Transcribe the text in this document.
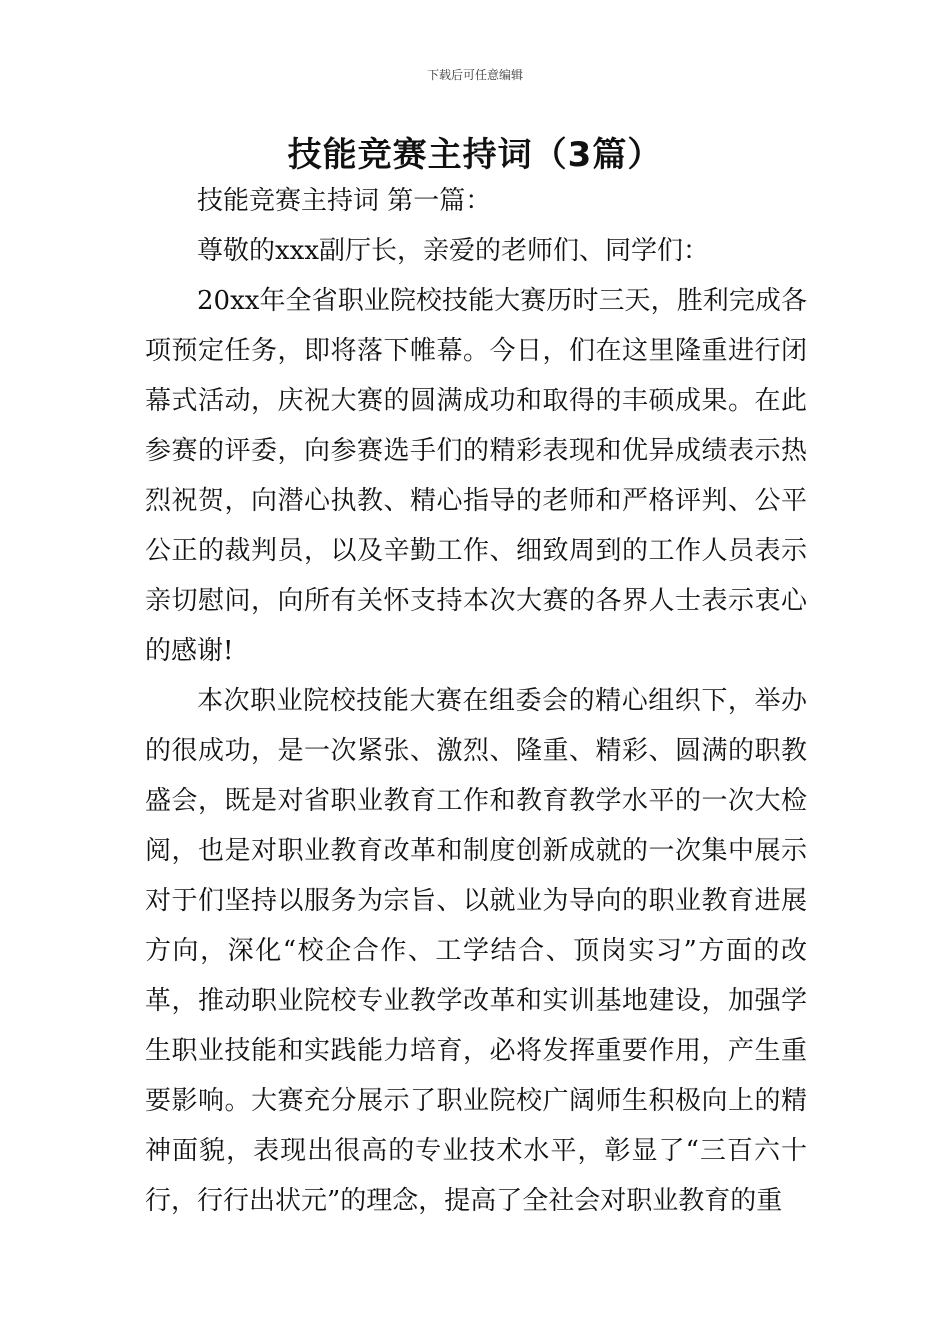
下载后可任意编辑
技能竞赛主持词（3篇）

技能竞赛主持词 第一篇：

尊敬的xxx副厅长，亲爱的老师们、同学们：

20xx年全省职业院校技能大赛历时三天，胜利完成各项预定任务，即将落下帷幕。今日，们在这里隆重进行闭幕式活动，庆祝大赛的圆满成功和取得的丰硕成果。在此参赛的评委，向参赛选手们的精彩表现和优异成绩表示热烈祝贺，向潜心执教、精心指导的老师和严格评判、公平公正的裁判员，以及辛勤工作、细致周到的工作人员表示亲切慰问，向所有关怀支持本次大赛的各界人士表示衷心的感谢!

本次职业院校技能大赛在组委会的精心组织下，举办的很成功，是一次紧张、激烈、隆重、精彩、圆满的职教盛会，既是对省职业教育工作和教育教学水平的一次大检阅，也是对职业教育改革和制度创新成就的一次集中展示对于们坚持以服务为宗旨、以就业为导向的职业教育进展方向，深化“校企合作、工学结合、顶岗实习”方面的改革，推动职业院校专业教学改革和实训基地建设，加强学生职业技能和实践能力培育，必将发挥重要作用，产生重要影响。大赛充分展示了职业院校广阔师生积极向上的精神面貌，表现出很高的专业技术水平，彰显了“三百六十行，行行出状元”的理念，提高了全社会对职业教育的重
